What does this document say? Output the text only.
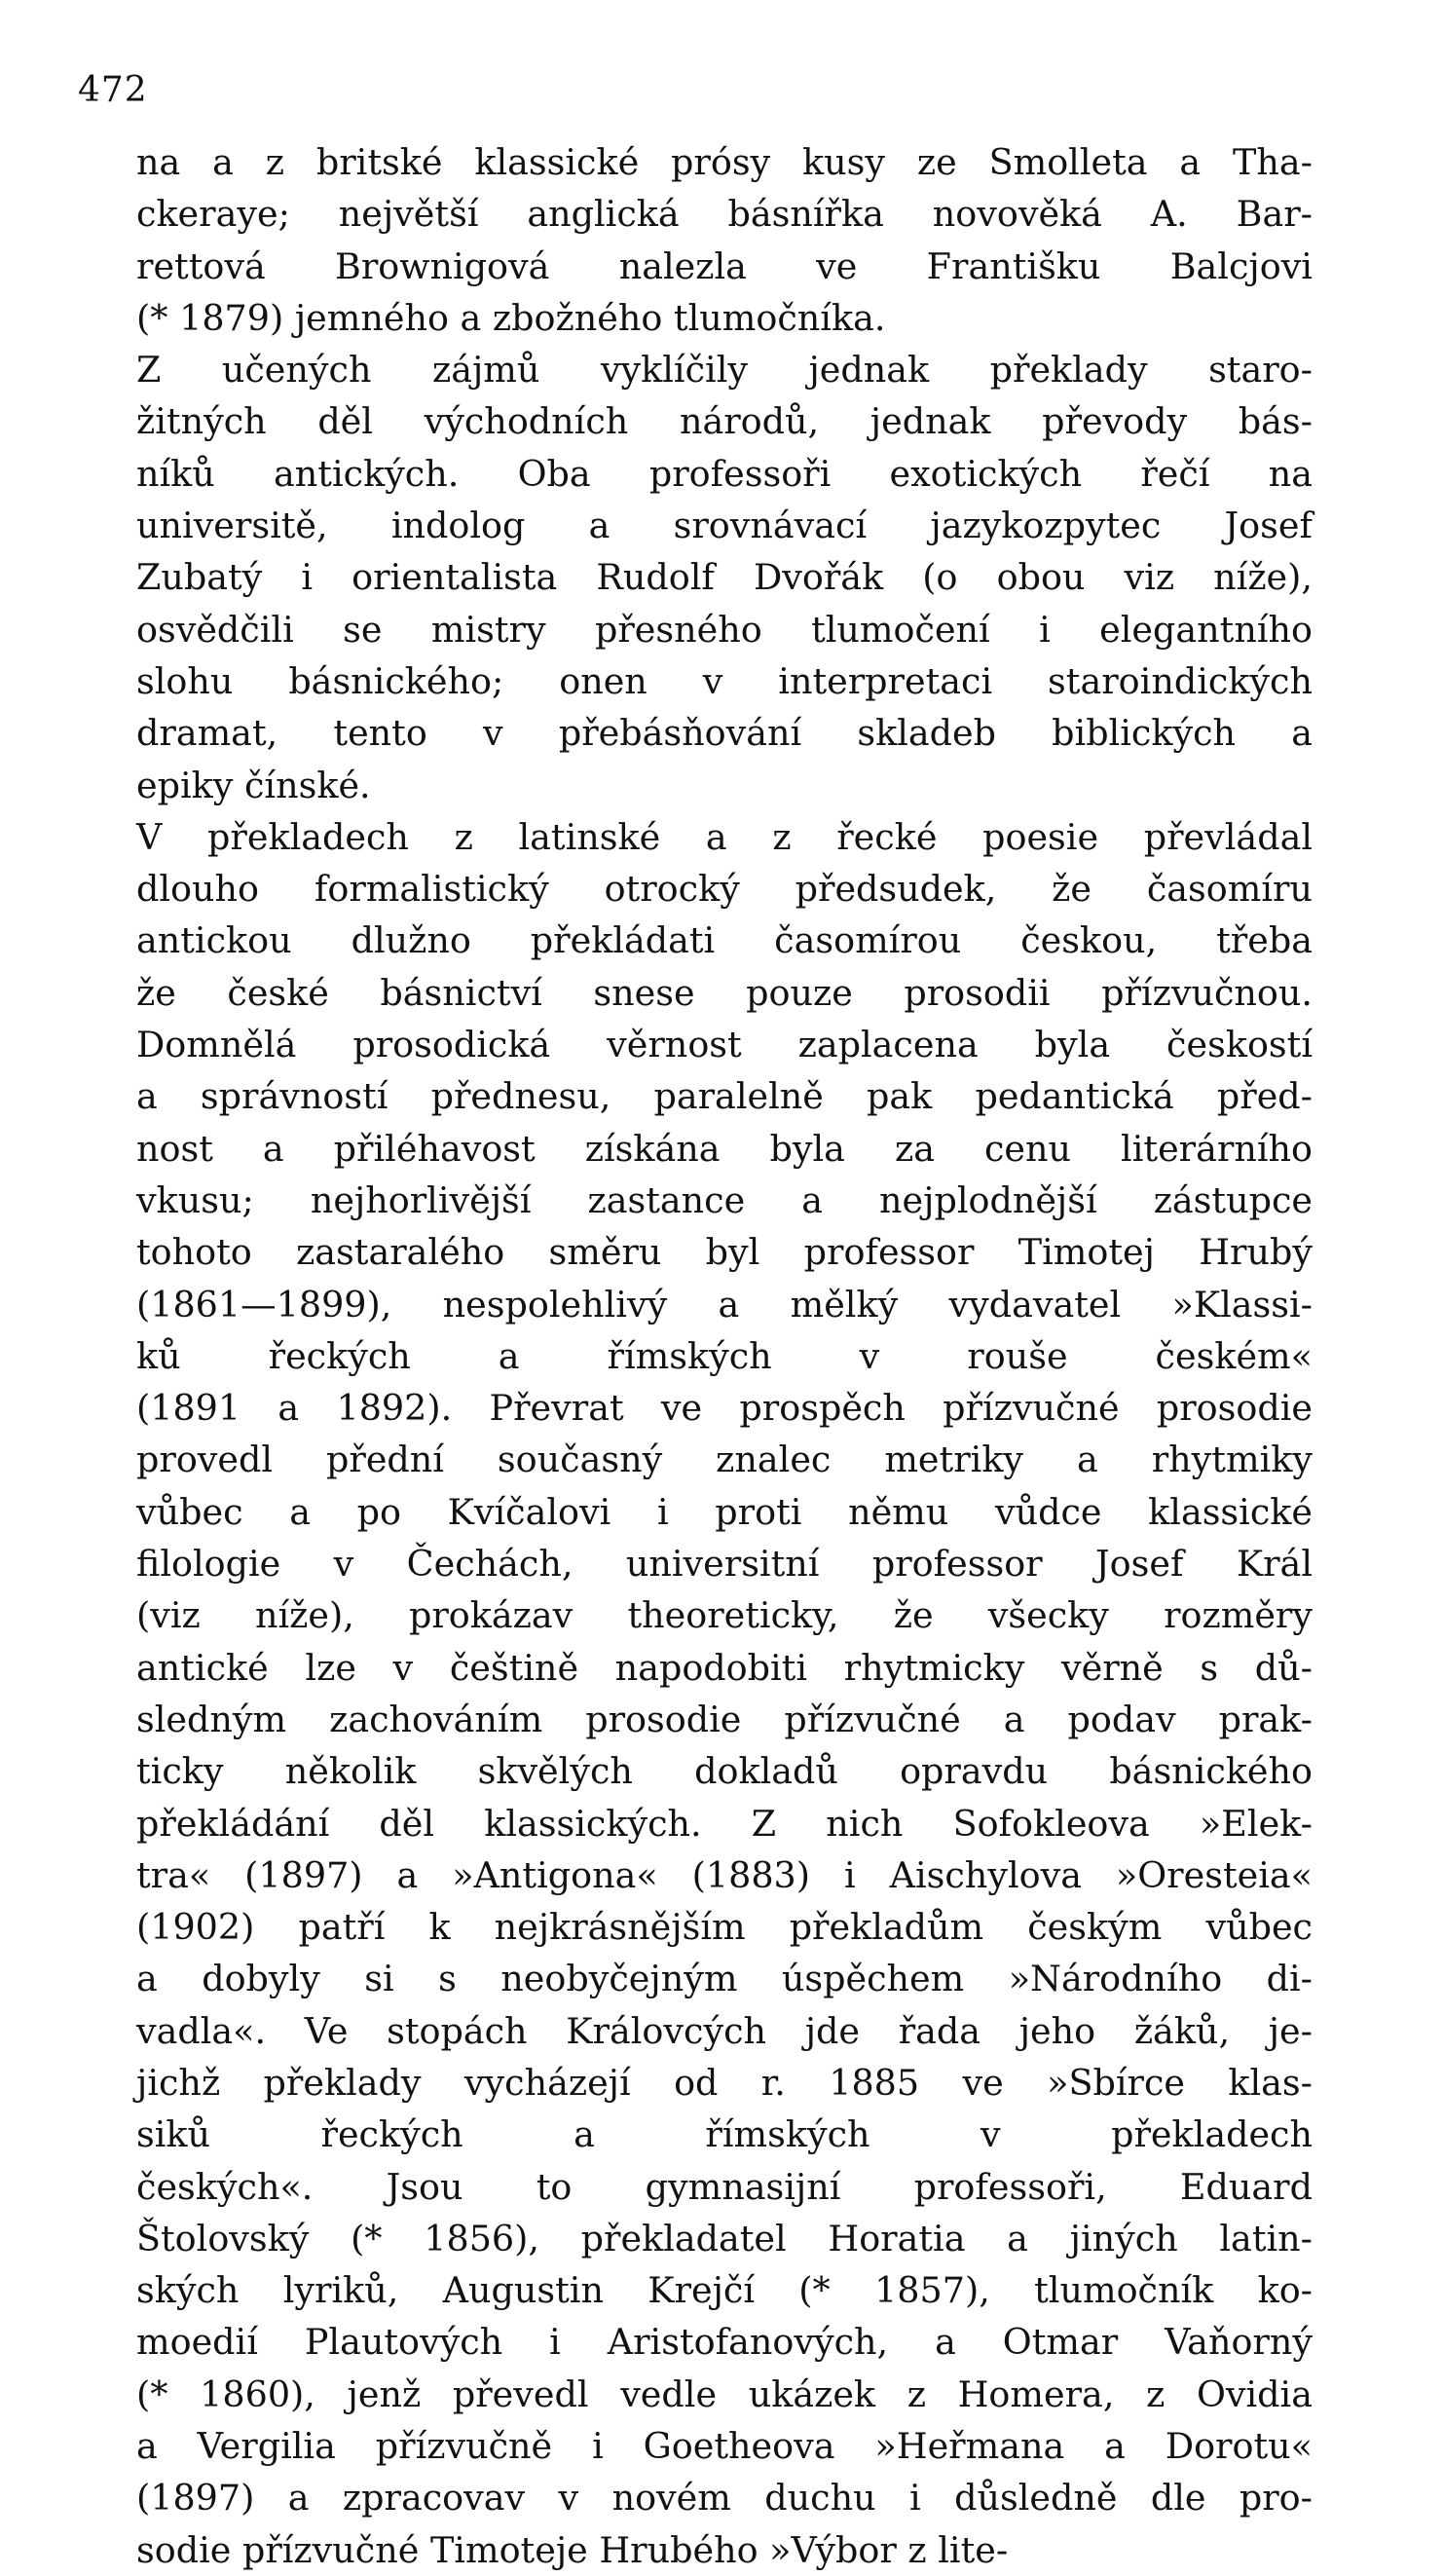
472
na a z britské klassické prósy kusy ze Smolleta a Tha-
ckeraye; největší anglická básnířka novověká A. Bar-
rettová Brownigová nalezla ve Františku Balcjovi
(* 1879) jemného a zbožného tlumočníka.
Z učených zájmů vyklíčily jednak překlady staro-
žitných děl východních národů, jednak převody bás-
níků antických. Oba professoři exotických řečí na
universitě, indolog a srovnávací jazykozpytec Josef
Zubatý i orientalista Rudolf Dvořák (o obou viz níže),
osvědčili se mistry přesného tlumočení i elegantního
slohu básnického; onen v interpretaci staroindických
dramat, tento v přebásňování skladeb biblických a
epiky čínské.
V překladech z latinské a z řecké poesie převládal
dlouho formalistický otrocký předsudek, že časomíru
antickou dlužno překládati časomírou českou, třeba
že české básnictví snese pouze prosodii přízvučnou.
Domnělá prosodická věrnost zaplacena byla českostí
a správností přednesu, paralelně pak pedantická před-
nost a přiléhavost získána byla za cenu literárního
vkusu; nejhorlivější zastance a nejplodnější zástupce
tohoto zastaralého směru byl professor Timotej Hrubý
(1861—1899), nespolehlivý a mělký vydavatel »Klassi-
ků řeckých a římských v rouše českém«
(1891 a 1892). Převrat ve prospěch přízvučné prosodie
provedl přední současný znalec metriky a rhytmiky
vůbec a po Kvíčalovi i proti němu vůdce klassické
filologie v Čechách, universitní professor Josef Král
(viz níže), prokázav theoreticky, že všecky rozměry
antické lze v češtině napodobiti rhytmicky věrně s dů-
sledným zachováním prosodie přízvučné a podav prak-
ticky několik skvělých dokladů opravdu básnického
překládání děl klassických. Z nich Sofokleova »Elek-
tra« (1897) a »Antigona« (1883) i Aischylova »Oresteia«
(1902) patří k nejkrásnějším překladům českým vůbec
a dobyly si s neobyčejným úspěchem »Národního di-
vadla«. Ve stopách Královcých jde řada jeho žáků, je-
jichž překlady vycházejí od r. 1885 ve »Sbírce klas-
siků řeckých a římských v překladech
českých«. Jsou to gymnasijní professoři, Eduard
Štolovský (* 1856), překladatel Horatia a jiných latin-
ských lyriků, Augustin Krejčí (* 1857), tlumočník ko-
moedií Plautových i Aristofanových, a Otmar Vaňorný
(* 1860), jenž převedl vedle ukázek z Homera, z Ovidia
a Vergilia přízvučně i Goetheova »Heřmana a Dorotu«
(1897) a zpracovav v novém duchu i důsledně dle pro-
sodie přízvučné Timoteje Hrubého »Výbor z lite-
